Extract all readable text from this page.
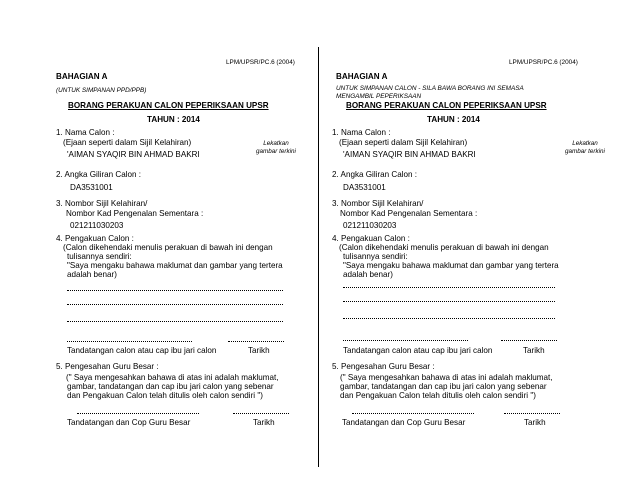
LPM/UPSR/PC.6 (2004)
BAHAGIAN A
(UNTUK SIMPANAN PPD/PPB)
BORANG PERAKUAN CALON PEPERIKSAAN UPSR
TAHUN : 2014
Lekatkan
gambar terkini
1. Nama Calon :
(Ejaan seperti dalam Sijil Kelahiran)
'AIMAN SYAQIR BIN AHMAD BAKRI
2. Angka Giliran Calon :
DA3531001
3. Nombor Sijil Kelahiran/
Nombor Kad Pengenalan Sementara :
021211030203
4. Pengakuan Calon :
(Calon dikehendaki menulis perakuan di bawah ini dengan
tulisannya sendiri:
"Saya mengaku bahawa maklumat dan gambar yang tertera
adalah benar)
Tandatangan calon atau cap ibu jari calon	Tarikh
5. Pengesahan Guru Besar :
(" Saya mengesahkan bahawa di atas ini adalah maklumat,
gambar, tandatangan dan cap ibu jari calon yang sebenar
dan Pengakuan Calon telah ditulis oleh calon sendiri ")
Tandatangan dan Cop Guru Besar	Tarikh
LPM/UPSR/PC.6 (2004)
BAHAGIAN A
UNTUK SIMPANAN CALON - SILA BAWA BORANG INI SEMASA
MENGAMBIL PEPERIKSAAN
BORANG PERAKUAN CALON PEPERIKSAAN UPSR
TAHUN : 2014
Lekatkan
gambar terkini
1. Nama Calon :
(Ejaan seperti dalam Sijil Kelahiran)
'AIMAN SYAQIR BIN AHMAD BAKRI
2. Angka Giliran Calon :
DA3531001
3. Nombor Sijil Kelahiran/
Nombor Kad Pengenalan Sementara :
021211030203
4. Pengakuan Calon :
(Calon dikehendaki menulis perakuan di bawah ini dengan
tulisannya sendiri:
"Saya mengaku bahawa maklumat dan gambar yang tertera
adalah benar)
Tandatangan calon atau cap ibu jari calon	Tarikh
5. Pengesahan Guru Besar :
(" Saya mengesahkan bahawa di atas ini adalah maklumat,
gambar, tandatangan dan cap ibu jari calon yang sebenar
dan Pengakuan Calon telah ditulis oleh calon sendiri ")
Tandatangan dan Cop Guru Besar	Tarikh
